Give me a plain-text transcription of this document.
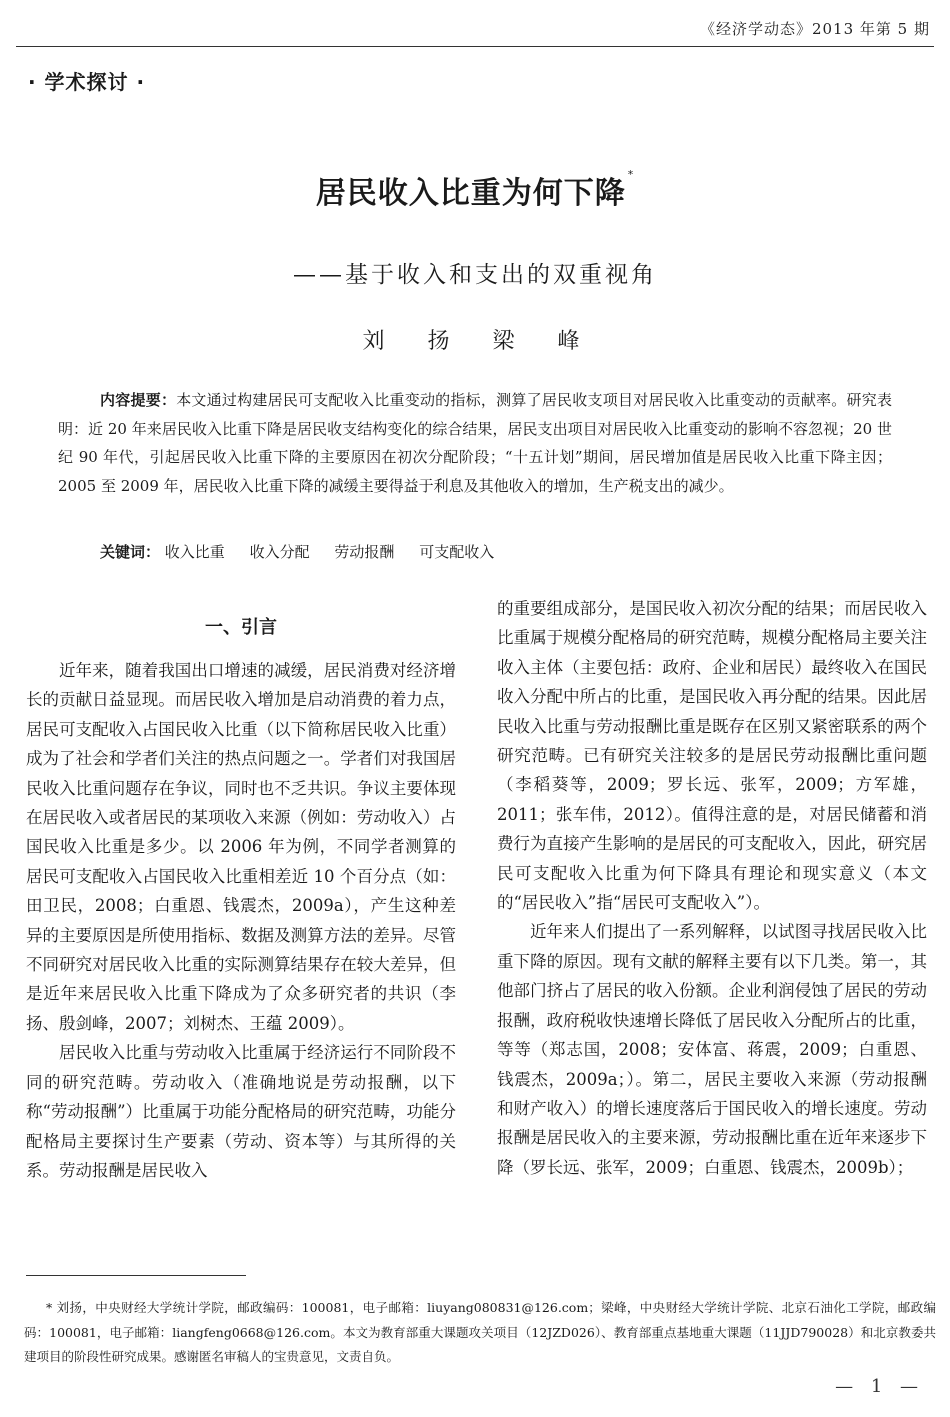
《经济学动态》2013 年第 5 期
· 学术探讨 ·
居民收入比重为何下降*
——基于收入和支出的双重视角
刘 扬 梁 峰

内容提要：本文通过构建居民可支配收入比重变动的指标，测算了居民收支项目对居民收入比重变动的贡献率。研究表明：近 20 年来居民收入比重下降是居民收支结构变化的综合结果，居民支出项目对居民收入比重变动的影响不容忽视；20 世纪 90 年代，引起居民收入比重下降的主要原因在初次分配阶段；“十五计划”期间，居民增加值是居民收入比重下降主因；2005 至 2009 年，居民收入比重下降的减缓主要得益于利息及其他收入的增加，生产税支出的减少。

关键词： 收入比重 收入分配 劳动报酬 可支配收入
一、引言

近年来，随着我国出口增速的减缓，居民消费对经济增长的贡献日益显现。而居民收入增加是启动消费的着力点，居民可支配收入占国民收入比重（以下简称居民收入比重）成为了社会和学者们关注的热点问题之一。学者们对我国居民收入比重问题存在争议，同时也不乏共识。争议主要体现在居民收入或者居民的某项收入来源（例如：劳动收入）占国民收入比重是多少。以 2006 年为例，不同学者测算的居民可支配收入占国民收入比重相差近 10 个百分点（如：田卫民，2008；白重恩、钱震杰，2009a），产生这种差异的主要原因是所使用指标、数据及测算方法的差异。尽管不同研究对居民收入比重的实际测算结果存在较大差异，但是近年来居民收入比重下降成为了众多研究者的共识（李扬、殷剑峰，2007；刘树杰、王蕴 2009）。

居民收入比重与劳动收入比重属于经济运行不同阶段不同的研究范畴。劳动收入（准确地说是劳动报酬，以下称“劳动报酬”）比重属于功能分配格局的研究范畴，功能分配格局主要探讨生产要素（劳动、资本等）与其所得的关系。劳动报酬是居民收入

的重要组成部分，是国民收入初次分配的结果；而居民收入比重属于规模分配格局的研究范畴，规模分配格局主要关注收入主体（主要包括：政府、企业和居民）最终收入在国民收入分配中所占的比重，是国民收入再分配的结果。因此居民收入比重与劳动报酬比重是既存在区别又紧密联系的两个研究范畴。已有研究关注较多的是居民劳动报酬比重问题（李稻葵等，2009；罗长远、张军，2009；方军雄，2011；张车伟，2012）。值得注意的是，对居民储蓄和消费行为直接产生影响的是居民的可支配收入，因此，研究居民可支配收入比重为何下降具有理论和现实意义（本文的“居民收入”指“居民可支配收入”）。

近年来人们提出了一系列解释，以试图寻找居民收入比重下降的原因。现有文献的解释主要有以下几类。第一，其他部门挤占了居民的收入份额。企业利润侵蚀了居民的劳动报酬，政府税收快速增长降低了居民收入分配所占的比重，等等（郑志国，2008；安体富、蒋震，2009；白重恩、钱震杰，2009a；）。第二，居民主要收入来源（劳动报酬和财产收入）的增长速度落后于国民收入的增长速度。劳动报酬是居民收入的主要来源，劳动报酬比重在近年来逐步下降（罗长远、张军，2009；白重恩、钱震杰，2009b）；

* 刘扬，中央财经大学统计学院，邮政编码：100081，电子邮箱：liuyang080831@126.com；梁峰，中央财经大学统计学院、北京石油化工学院，邮政编码：100081，电子邮箱：liangfeng0668@126.com。本文为教育部重大课题攻关项目（12JZD026）、教育部重点基地重大课题（11JJD790028）和北京教委共建项目的阶段性研究成果。感谢匿名审稿人的宝贵意见，文责自负。

— 1 —
